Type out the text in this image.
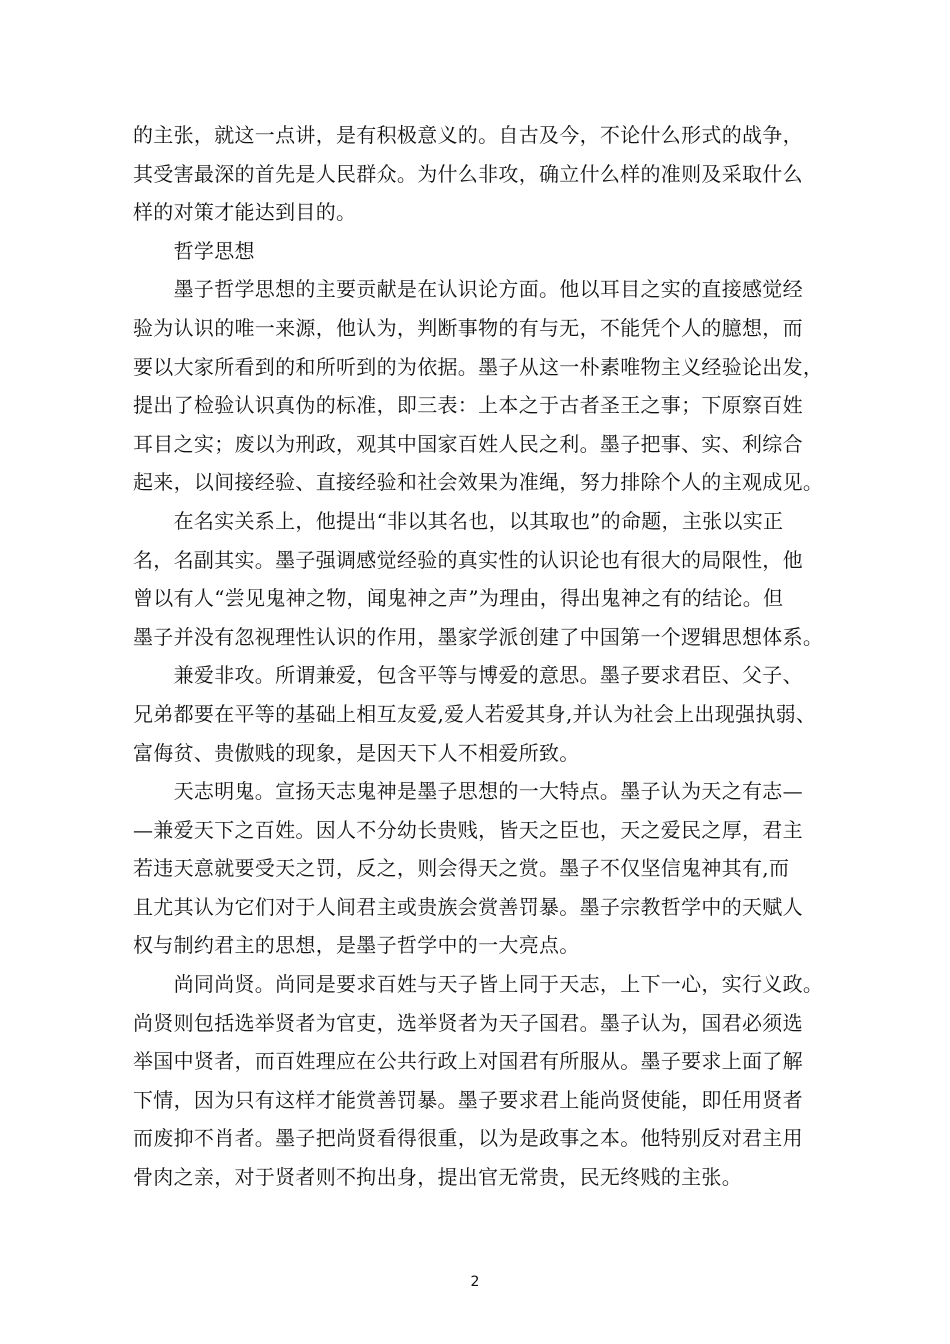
的主张，就这一点讲，是有积极意义的。自古及今，不论什么形式的战争，
其受害最深的首先是人民群众。为什么非攻，确立什么样的准则及采取什么
样的对策才能达到目的。
　　哲学思想
　　墨子哲学思想的主要贡献是在认识论方面。他以耳目之实的直接感觉经
验为认识的唯一来源，他认为，判断事物的有与无，不能凭个人的臆想，而
要以大家所看到的和所听到的为依据。墨子从这一朴素唯物主义经验论出发，
提出了检验认识真伪的标准，即三表：上本之于古者圣王之事；下原察百姓
耳目之实；废以为刑政，观其中国家百姓人民之利。墨子把事、实、利综合
起来，以间接经验、直接经验和社会效果为准绳，努力排除个人的主观成见。
　　在名实关系上，他提出“非以其名也，以其取也”的命题，主张以实正
名，名副其实。墨子强调感觉经验的真实性的认识论也有很大的局限性，他
曾以有人“尝见鬼神之物，闻鬼神之声”为理由，得出鬼神之有的结论。但
墨子并没有忽视理性认识的作用，墨家学派创建了中国第一个逻辑思想体系。
　　兼爱非攻。所谓兼爱，包含平等与博爱的意思。墨子要求君臣、父子、
兄弟都要在平等的基础上相互友爱,爱人若爱其身,并认为社会上出现强执弱、
富侮贫、贵傲贱的现象，是因天下人不相爱所致。
　　天志明鬼。宣扬天志鬼神是墨子思想的一大特点。墨子认为天之有志—
—兼爱天下之百姓。因人不分幼长贵贱，皆天之臣也，天之爱民之厚，君主
若违天意就要受天之罚，反之，则会得天之赏。墨子不仅坚信鬼神其有,而
且尤其认为它们对于人间君主或贵族会赏善罚暴。墨子宗教哲学中的天赋人
权与制约君主的思想，是墨子哲学中的一大亮点。
　　尚同尚贤。尚同是要求百姓与天子皆上同于天志，上下一心，实行义政。
尚贤则包括选举贤者为官吏，选举贤者为天子国君。墨子认为，国君必须选
举国中贤者，而百姓理应在公共行政上对国君有所服从。墨子要求上面了解
下情，因为只有这样才能赏善罚暴。墨子要求君上能尚贤使能，即任用贤者
而废抑不肖者。墨子把尚贤看得很重，以为是政事之本。他特别反对君主用
骨肉之亲，对于贤者则不拘出身，提出官无常贵，民无终贱的主张。
2
